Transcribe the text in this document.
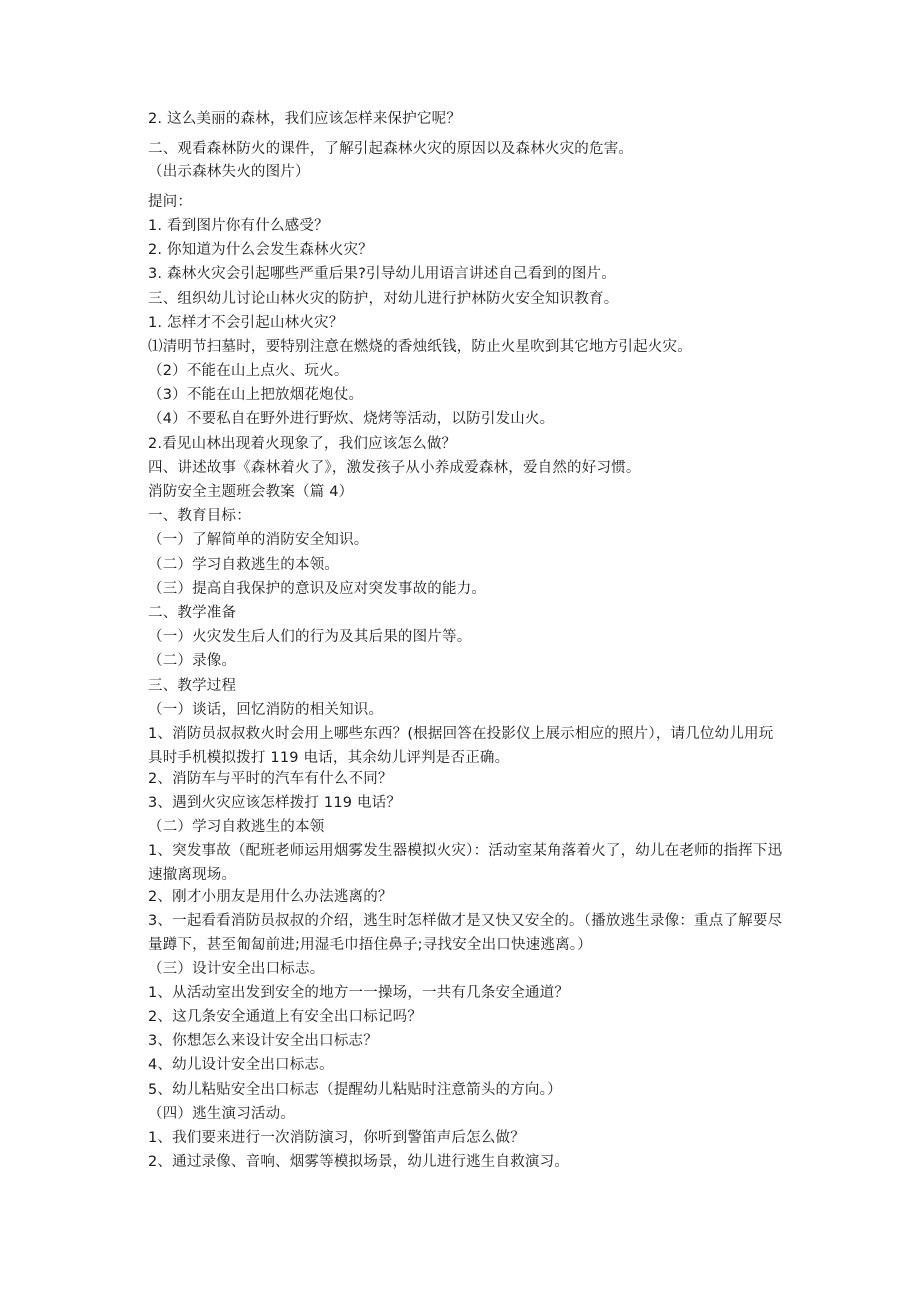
2. 这么美丽的森林，我们应该怎样来保护它呢？
二、观看森林防火的课件，了解引起森林火灾的原因以及森林火灾的危害。
（出示森林失火的图片）
提问：
1. 看到图片你有什么感受？
2. 你知道为什么会发生森林火灾？
3. 森林火灾会引起哪些严重后果?引导幼儿用语言讲述自己看到的图片。
三、组织幼儿讨论山林火灾的防护，对幼儿进行护林防火安全知识教育。
1. 怎样才不会引起山林火灾？
⑴清明节扫墓时，要特别注意在燃烧的香烛纸钱，防止火星吹到其它地方引起火灾。
（2）不能在山上点火、玩火。
（3）不能在山上把放烟花炮仗。
（4）不要私自在野外进行野炊、烧烤等活动，以防引发山火。
2.看见山林出现着火现象了，我们应该怎么做？
四、讲述故事《森林着火了》，激发孩子从小养成爱森林，爱自然的好习惯。
消防安全主题班会教案（篇 4）
一、教育目标：
（一）了解简单的消防安全知识。
（二）学习自救逃生的本领。
（三）提高自我保护的意识及应对突发事故的能力。
二、教学准备
（一）火灾发生后人们的行为及其后果的图片等。
（二）录像。
三、教学过程
（一）谈话，回忆消防的相关知识。
1、消防员叔叔救火时会用上哪些东西？(根据回答在投影仪上展示相应的照片），请几位幼儿用玩具时手机模拟拨打 119 电话，其余幼儿评判是否正确。
2、消防车与平时的汽车有什么不同？
3、遇到火灾应该怎样拨打 119 电话？
（二）学习自救逃生的本领
1、突发事故（配班老师运用烟雾发生器模拟火灾）：活动室某角落着火了，幼儿在老师的指挥下迅速撤离现场。
2、刚才小朋友是用什么办法逃离的？
3、一起看看消防员叔叔的介绍，逃生时怎样做才是又快又安全的。（播放逃生录像：重点了解要尽量蹲下，甚至匍匐前进;用湿毛巾捂住鼻子;寻找安全出口快速逃离。）
（三）设计安全出口标志。
1、从活动室出发到安全的地方一一操场，一共有几条安全通道？
2、这几条安全通道上有安全出口标记吗？
3、你想怎么来设计安全出口标志？
4、幼儿设计安全出口标志。
5、幼儿粘贴安全出口标志（提醒幼儿粘贴时注意箭头的方向。）
（四）逃生演习活动。
1、我们要来进行一次消防演习，你听到警笛声后怎么做？
2、通过录像、音响、烟雾等模拟场景，幼儿进行逃生自救演习。
